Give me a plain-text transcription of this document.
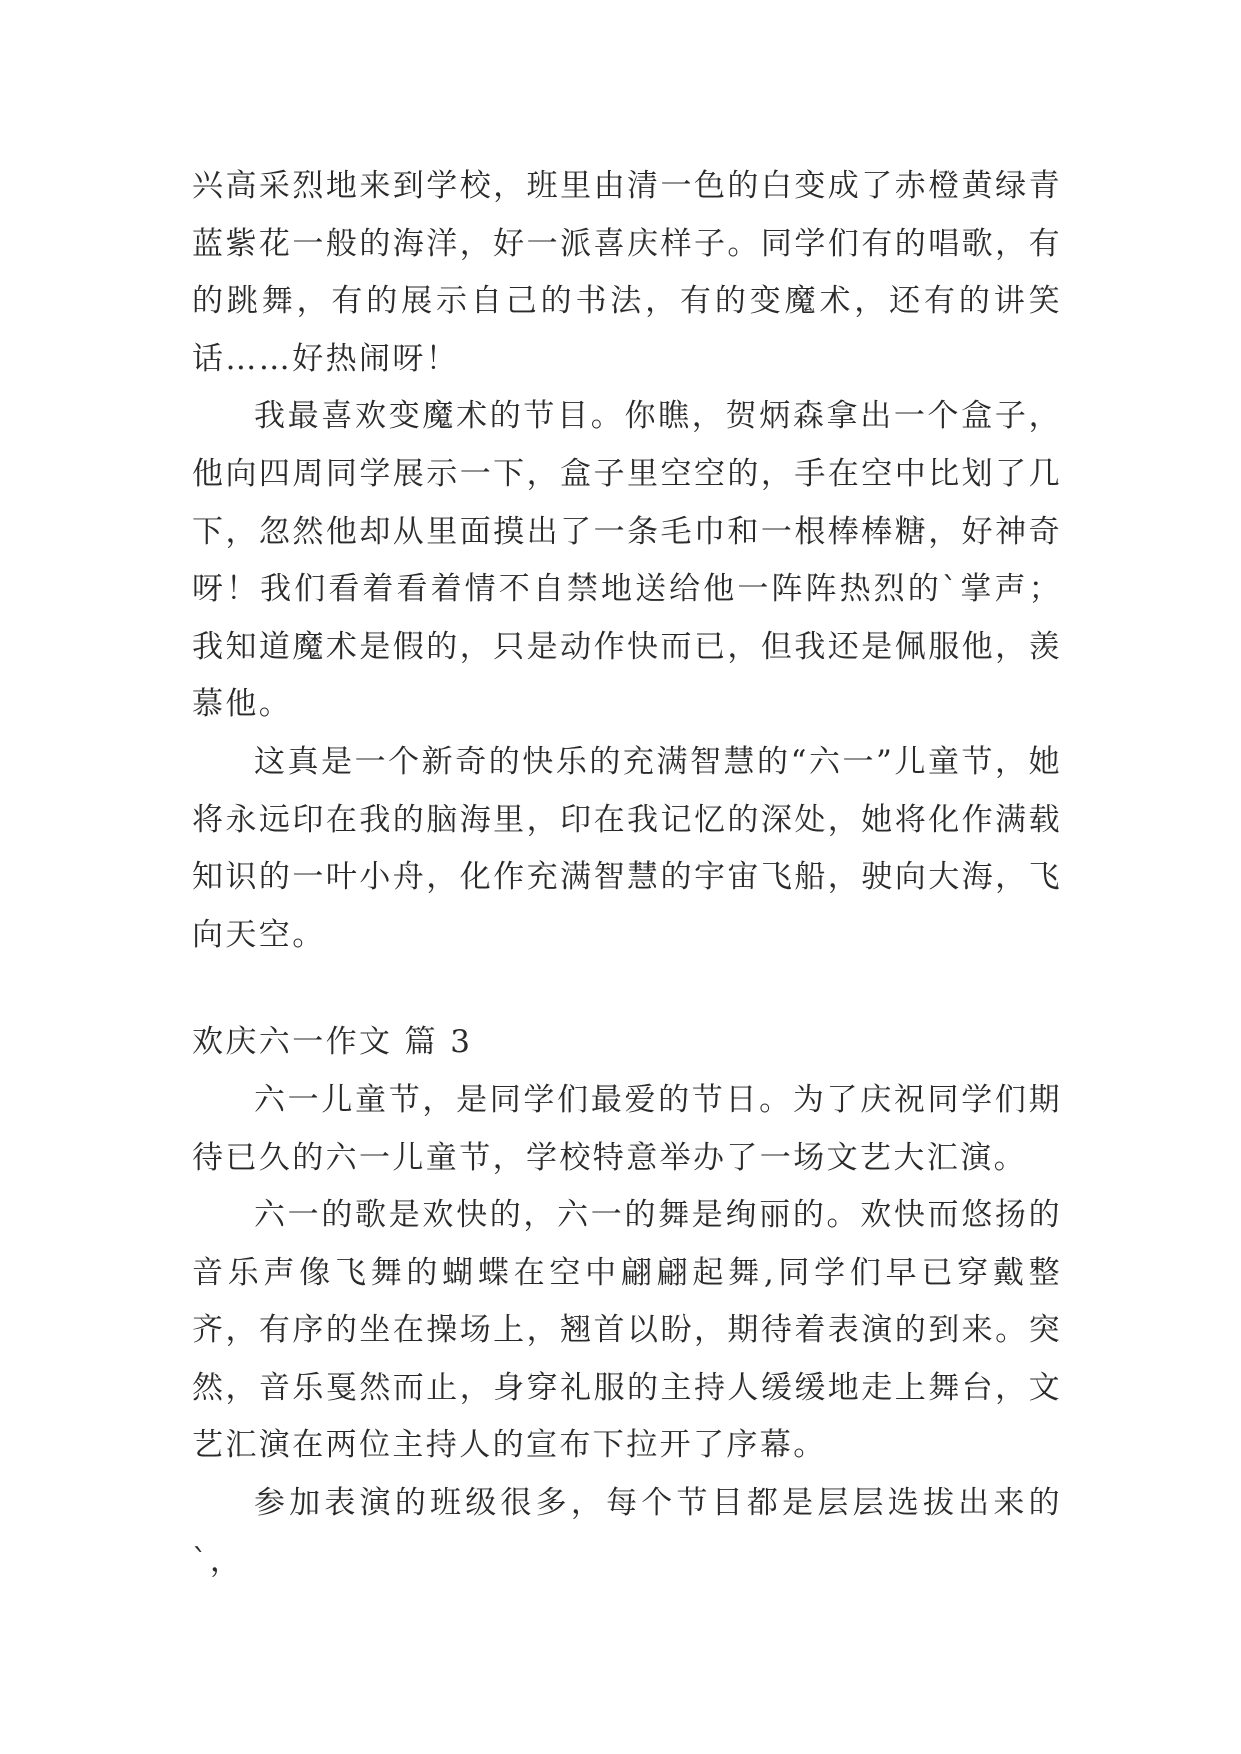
兴高采烈地来到学校，班里由清一色的白变成了赤橙黄绿青蓝紫花一般的海洋，好一派喜庆样子。同学们有的唱歌，有的跳舞，有的展示自己的书法，有的变魔术，还有的讲笑话……好热闹呀！

我最喜欢变魔术的节目。你瞧，贺炳森拿出一个盒子，他向四周同学展示一下，盒子里空空的，手在空中比划了几下，忽然他却从里面摸出了一条毛巾和一根棒棒糖，好神奇呀！我们看着看着情不自禁地送给他一阵阵热烈的`掌声；我知道魔术是假的，只是动作快而已，但我还是佩服他，羡慕他。

这真是一个新奇的快乐的充满智慧的“六一”儿童节，她将永远印在我的脑海里，印在我记忆的深处，她将化作满载知识的一叶小舟，化作充满智慧的宇宙飞船，驶向大海，飞向天空。

欢庆六一作文 篇 3

六一儿童节，是同学们最爱的节日。为了庆祝同学们期待已久的六一儿童节，学校特意举办了一场文艺大汇演。

六一的歌是欢快的，六一的舞是绚丽的。欢快而悠扬的音乐声像飞舞的蝴蝶在空中翩翩起舞,同学们早已穿戴整齐，有序的坐在操场上，翘首以盼，期待着表演的到来。突然，音乐戛然而止，身穿礼服的主持人缓缓地走上舞台，文艺汇演在两位主持人的宣布下拉开了序幕。

参加表演的班级很多，每个节目都是层层选拔出来的`，
